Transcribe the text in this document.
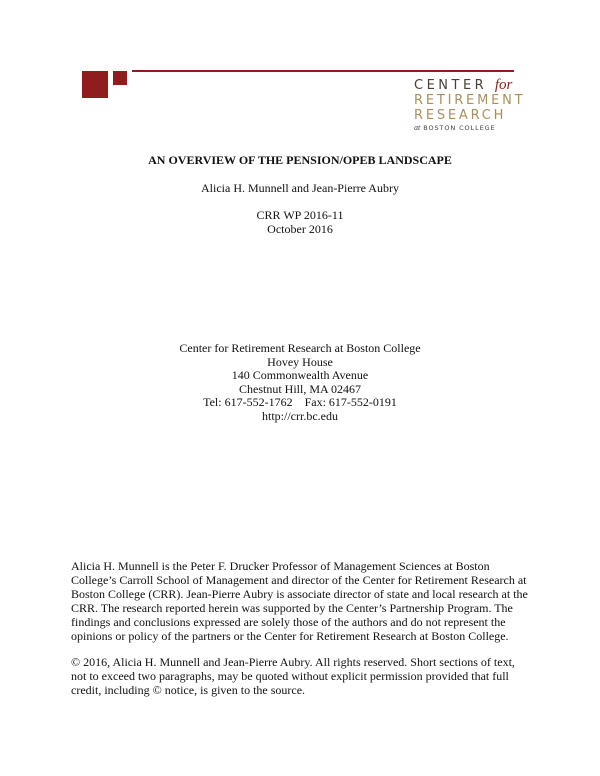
CENTER for
RETIREMENT
RESEARCH
at BOSTON COLLEGE
AN OVERVIEW OF THE PENSION/OPEB LANDSCAPE
Alicia H. Munnell and Jean-Pierre Aubry
CRR WP 2016-11
October 2016
Center for Retirement Research at Boston College
Hovey House
140 Commonwealth Avenue
Chestnut Hill, MA 02467
Tel: 617-552-1762    Fax: 617-552-0191
http://crr.bc.edu
Alicia H. Munnell is the Peter F. Drucker Professor of Management Sciences at Boston
College’s Carroll School of Management and director of the Center for Retirement Research at
Boston College (CRR). Jean-Pierre Aubry is associate director of state and local research at the
CRR. The research reported herein was supported by the Center’s Partnership Program. The
findings and conclusions expressed are solely those of the authors and do not represent the
opinions or policy of the partners or the Center for Retirement Research at Boston College.
© 2016, Alicia H. Munnell and Jean-Pierre Aubry. All rights reserved. Short sections of text,
not to exceed two paragraphs, may be quoted without explicit permission provided that full
credit, including © notice, is given to the source.
